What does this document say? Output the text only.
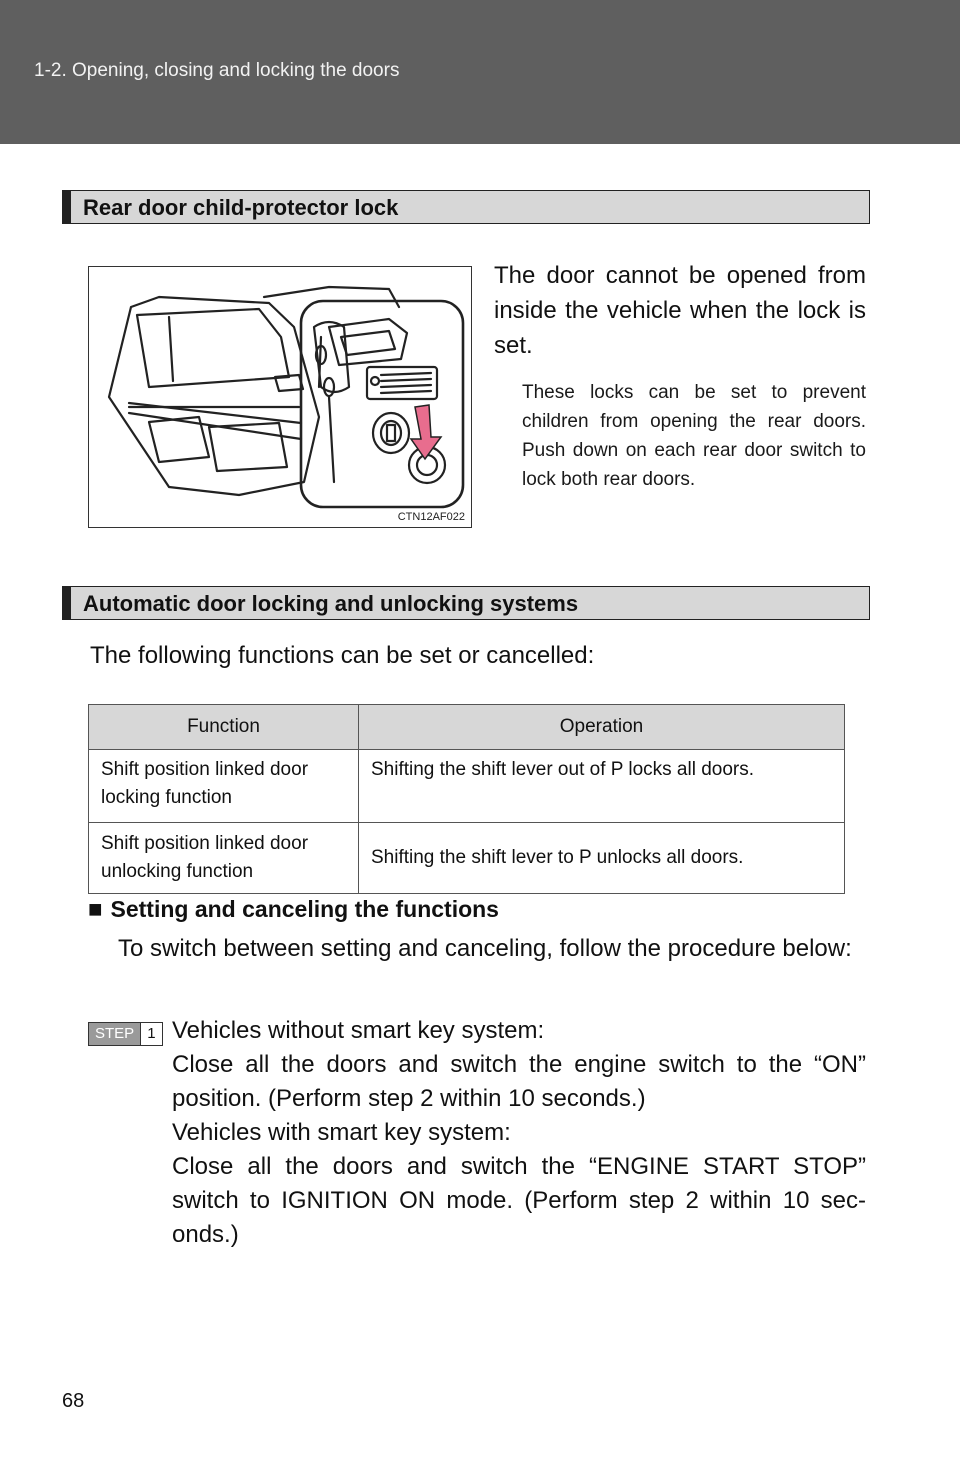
1-2. Opening, closing and locking the doors
Rear door child-protector lock
CTN12AF022
The door cannot be opened from inside the vehicle when the lock is set.
These locks can be set to prevent children from opening the rear doors. Push down on each rear door switch to lock both rear doors.
Automatic door locking and unlocking systems
The following functions can be set or cancelled:
Function	Operation
Shift position linked door locking function	Shifting the shift lever out of P locks all doors.
Shift position linked door unlocking function	Shifting the shift lever to P unlocks all doors.
■ Setting and canceling the functions
To switch between setting and canceling, follow the procedure below:
STEP 1 Vehicles without smart key system:

Close all the doors and switch the engine switch to the “ON” position. (Perform step 2 within 10 seconds.)

Vehicles with smart key system:

Close all the doors and switch the “ENGINE START STOP” switch to IGNITION ON mode. (Perform step 2 within 10 sec-onds.)

68
